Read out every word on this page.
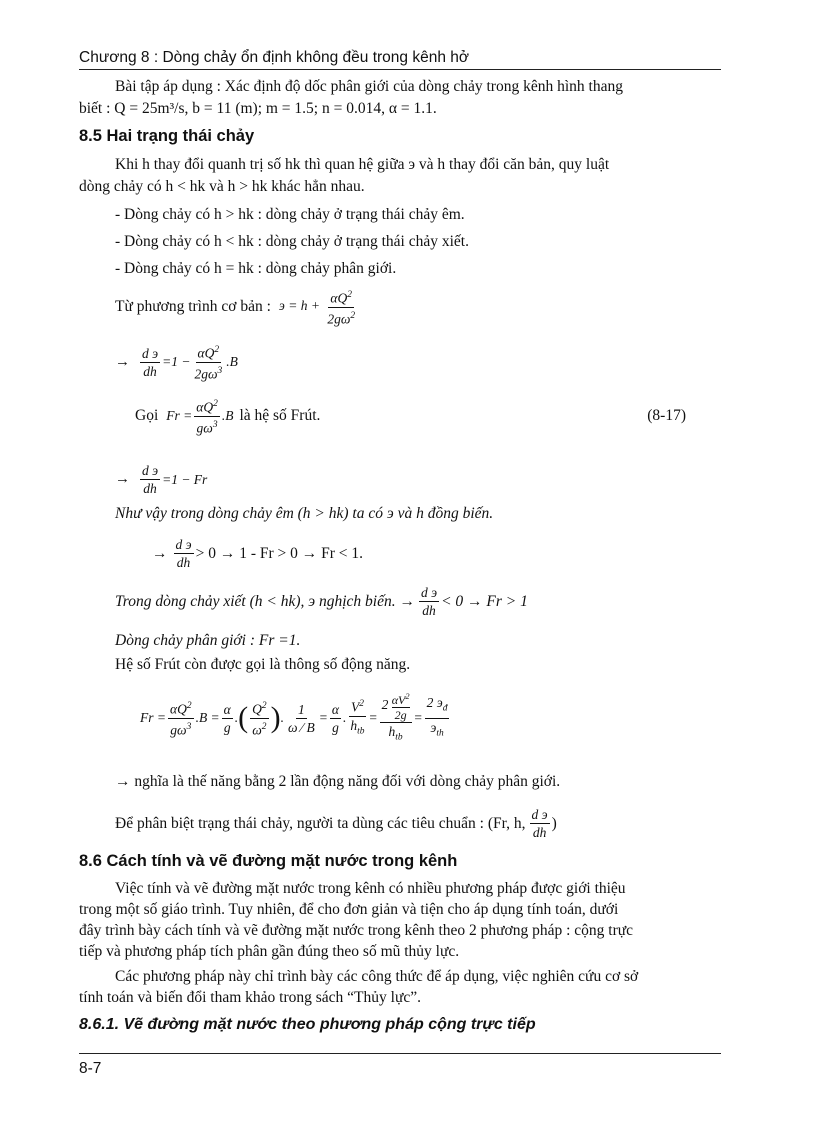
Chương 8 : Dòng chảy ổn định không đều trong kênh hở
Bài tập áp dụng : Xác định độ dốc phân giới của dòng chảy trong kênh hình thang
biết : Q = 25m³/s, b = 11 (m); m = 1.5; n = 0.014, α = 1.1.
8.5 Hai trạng thái chảy
Khi h thay đổi quanh trị số hk thì quan hệ giữa э và h thay đổi căn bản, quy luật
dòng chảy có h < hk và h > hk khác hẳn nhau.
- Dòng chảy có h > hk : dòng chảy ở trạng thái chảy êm.
- Dòng chảy có h < hk : dòng chảy ở trạng thái chảy xiết.
- Dòng chảy có h = hk : dòng chảy phân giới.
Từ phương trình cơ bản : $э = h + \frac{\alpha Q^2}{2g\omega^2}$
→ $\frac{\text{d э}}{dh} =1 - \frac{\alpha Q^2}{2g\omega^3} .B$
Gọi $Fr = \frac{\alpha Q^2}{g\omega^3} .B$ là hệ số Frút.	(8-17)
→ $\frac{\text{d э}}{dh} =1 - Fr$
Như vậy trong dòng chảy êm (h > hk) ta có э và h đồng biến.
→ $\frac{\text{d э}}{dh} > 0 \to 1 - Fr > 0 \to Fr < 1$.
Trong dòng chảy xiết (h < hk), э nghịch biến. → $\frac{\text{d э}}{dh} < 0 \to Fr > 1$
Dòng chảy phân giới : Fr =1.
Hệ số Frút còn được gọi là thông số động năng.
$Fr = \frac{\alpha Q^2}{g\omega^3} .B = \frac{\alpha}{g}$ . ( $\frac{Q^2}{\omega^2}$ ) . $\frac{1}{\omega ⁄ B} = \frac{\alpha}{g}$ . $\frac{V^2}{h_{tb}} = \frac{2 \frac{\alpha V^2}{2g}}{h_{tb}} = \frac{2 э_đ}{э_{th}}$
→ nghĩa là thế năng bằng 2 lần động năng đối với dòng chảy phân giới.
Để phân biệt trạng thái chảy, người ta dùng các tiêu chuẩn : (Fr, h, $\frac{\text{d э}}{dh}$ )
8.6 Cách tính và vẽ đường mặt nước trong kênh
Việc tính và vẽ đường mặt nước trong kênh có nhiều phương pháp được giới thiệu
trong một số giáo trình. Tuy nhiên, để cho đơn giản và tiện cho áp dụng tính toán, dưới
đây trình bày cách tính và vẽ đường mặt nước trong kênh theo 2 phương pháp : cộng trực
tiếp và phương pháp tích phân gần đúng theo số mũ thủy lực.
Các phương pháp này chỉ trình bày các công thức để áp dụng, việc nghiên cứu cơ sở
tính toán và biến đổi tham khảo trong sách “Thủy lực”.
8.6.1. Vẽ đường mặt nước theo phương pháp cộng trực tiếp
8-7
